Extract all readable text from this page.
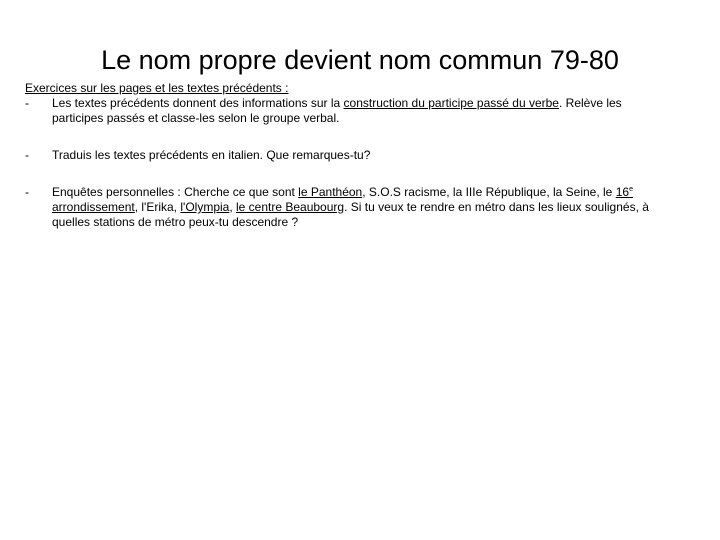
Le nom propre devient nom commun 79-80

Exercices sur les pages et les textes précédents :

-	Les textes précédents donnent des informations sur la construction du participe passé du verbe. Relève les participes passés et classe-les selon le groupe verbal.
-	Traduis les textes précédents en italien. Que remarques-tu?
-	Enquêtes personnelles : Cherche ce que sont le Panthéon, S.O.S racisme, la IIIe République, la Seine, le 16e arrondissement, l'Erika, l'Olympia, le centre Beaubourg. Si tu veux te rendre en métro dans les lieux soulignés, à quelles stations de métro peux-tu descendre ?
